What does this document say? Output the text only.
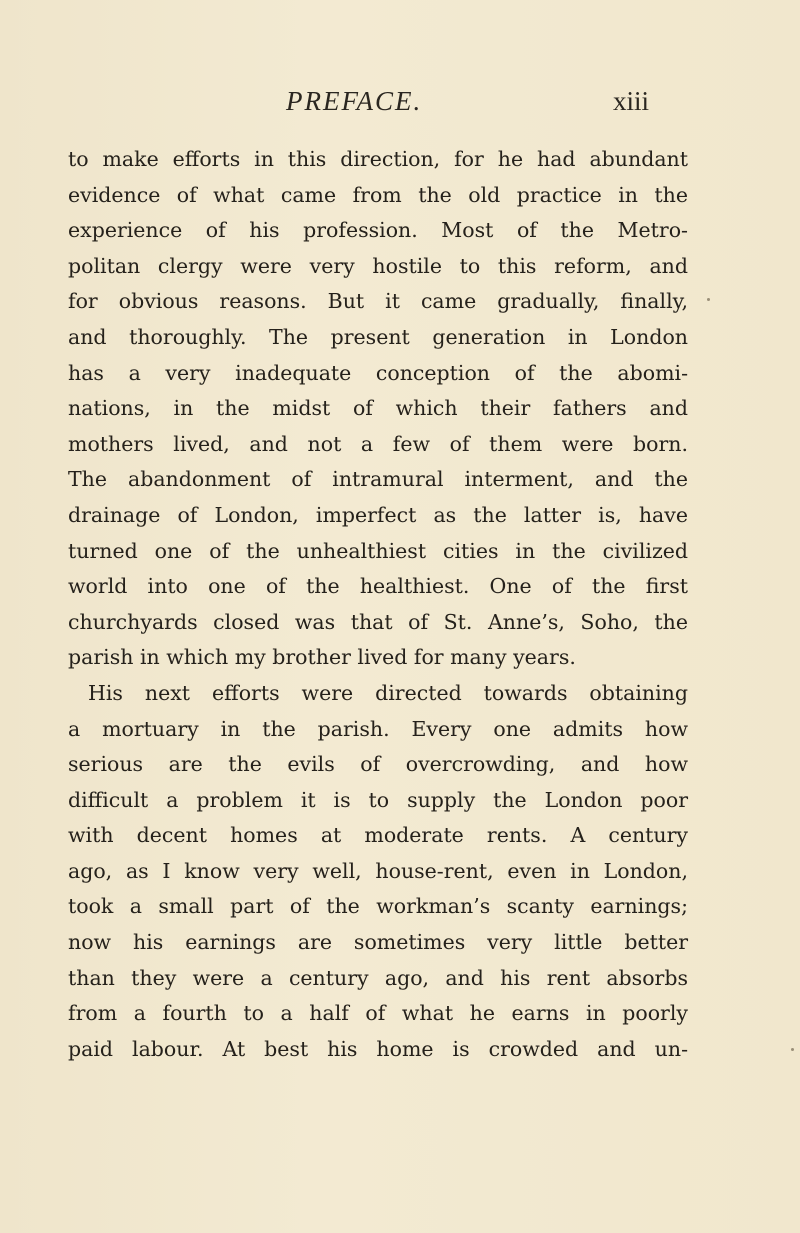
PREFACE.	xiii
to make efforts in this direction, for he had abundant
evidence of what came from the old practice in the
experience of his profession. Most of the Metro-
politan clergy were very hostile to this reform, and
for obvious reasons. But it came gradually, finally,
and thoroughly. The present generation in London
has a very inadequate conception of the abomi-
nations, in the midst of which their fathers and
mothers lived, and not a few of them were born.
The abandonment of intramural interment, and the
drainage of London, imperfect as the latter is, have
turned one of the unhealthiest cities in the civilized
world into one of the healthiest. One of the first
churchyards closed was that of St. Anne’s, Soho, the
parish in which my brother lived for many years.
His next efforts were directed towards obtaining
a mortuary in the parish. Every one admits how
serious are the evils of overcrowding, and how
difficult a problem it is to supply the London poor
with decent homes at moderate rents. A century
ago, as I know very well, house-rent, even in London,
took a small part of the workman’s scanty earnings;
now his earnings are sometimes very little better
than they were a century ago, and his rent absorbs
from a fourth to a half of what he earns in poorly
paid labour. At best his home is crowded and un-
